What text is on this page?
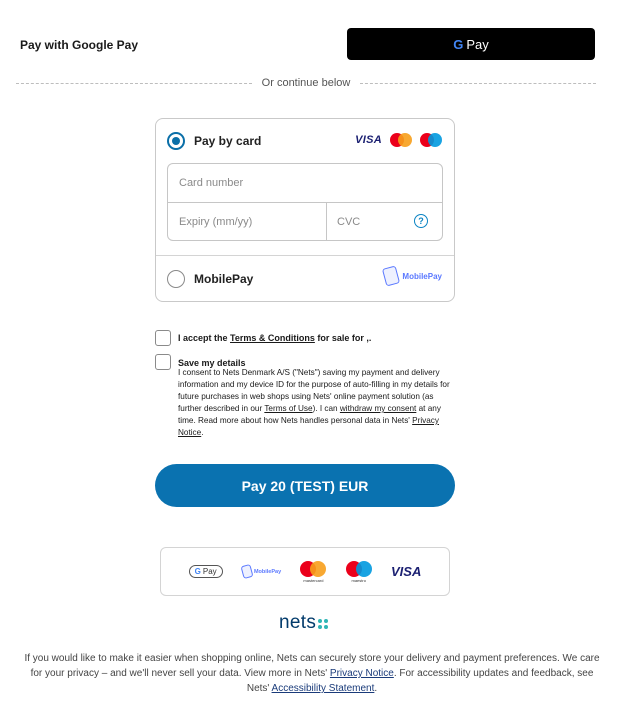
Pay with Google Pay	G Pay
Or continue below
Pay by card	VISA
Card number
Expiry (mm/yy)
CVC
?
MobilePay	MobilePay
I accept the Terms & Conditions for sale for ,.
Save my details
I consent to Nets Denmark A/S ("Nets") saving my payment and delivery information and my device ID for the purpose of auto-filling in my details for future purchases in web shops using Nets' online payment solution (as further described in our Terms of Use). I can withdraw my consent at any time. Read more about how Nets handles personal data in Nets' Privacy Notice.
Pay 20 (TEST) EUR
G Pay	MobilePay
mastercard	maestro
VISA
nets
If you would like to make it easier when shopping online, Nets can securely store your delivery and payment preferences. We care for your privacy – and we'll never sell your data. View more in Nets' Privacy Notice. For accessibility updates and feedback, see Nets' Accessibility Statement.
